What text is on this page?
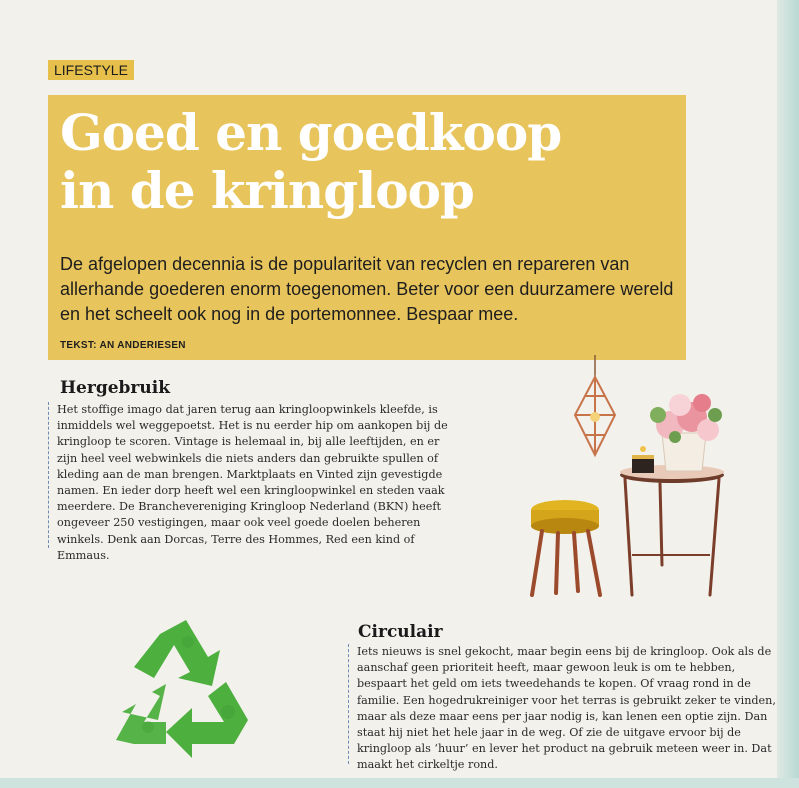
LIFESTYLE
Goed en goedkoop
in de kringloop

De afgelopen decennia is de populariteit van recyclen en repareren van allerhande goederen enorm toegenomen. Beter voor een duurzamere wereld en het scheelt ook nog in de portemonnee. Bespaar mee.

TEKST: AN ANDERIESEN

Hergebruik

Het stoffige imago dat jaren terug aan kringloopwinkels kleefde, is inmiddels wel weggepoetst. Het is nu eerder hip om aankopen bij de kringloop te scoren. Vintage is helemaal in, bij alle leeftijden, en er zijn heel veel webwinkels die niets anders dan gebruikte spullen of kleding aan de man brengen. Marktplaats en Vinted zijn gevestigde namen. En ieder dorp heeft wel een kringloopwinkel en steden vaak meerdere. De Branchevereniging Kringloop Nederland (BKN) heeft ongeveer 250 vestigingen, maar ook veel goede doelen beheren winkels. Denk aan Dorcas, Terre des Hommes, Red een kind of Emmaus.

Circulair

Iets nieuws is snel gekocht, maar begin eens bij de kringloop. Ook als de aanschaf geen prioriteit heeft, maar gewoon leuk is om te hebben, bespaart het geld om iets tweedehands te kopen. Of vraag rond in de familie. Een hogedrukreiniger voor het terras is gebruikt zeker te vinden, maar als deze maar eens per jaar nodig is, kan lenen een optie zijn. Dan staat hij niet het hele jaar in de weg. Of zie de uitgave ervoor bij de kringloop als ‘huur’ en lever het product na gebruik meteen weer in. Dat maakt het cirkeltje rond.
